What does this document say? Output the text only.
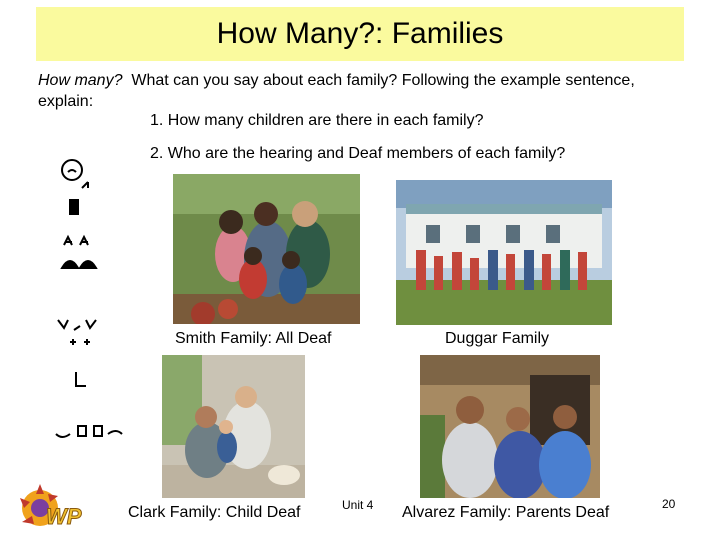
How Many?: Families
How many? What can you say about each family? Following the example sentence, explain:
1. How many children are there in each family?
2. Who are the hearing and Deaf members of each family?
Smith Family: All Deaf	Duggar Family
Clark Family: Child Deaf	Unit 4 Alvarez Family: Parents Deaf	20
WP
